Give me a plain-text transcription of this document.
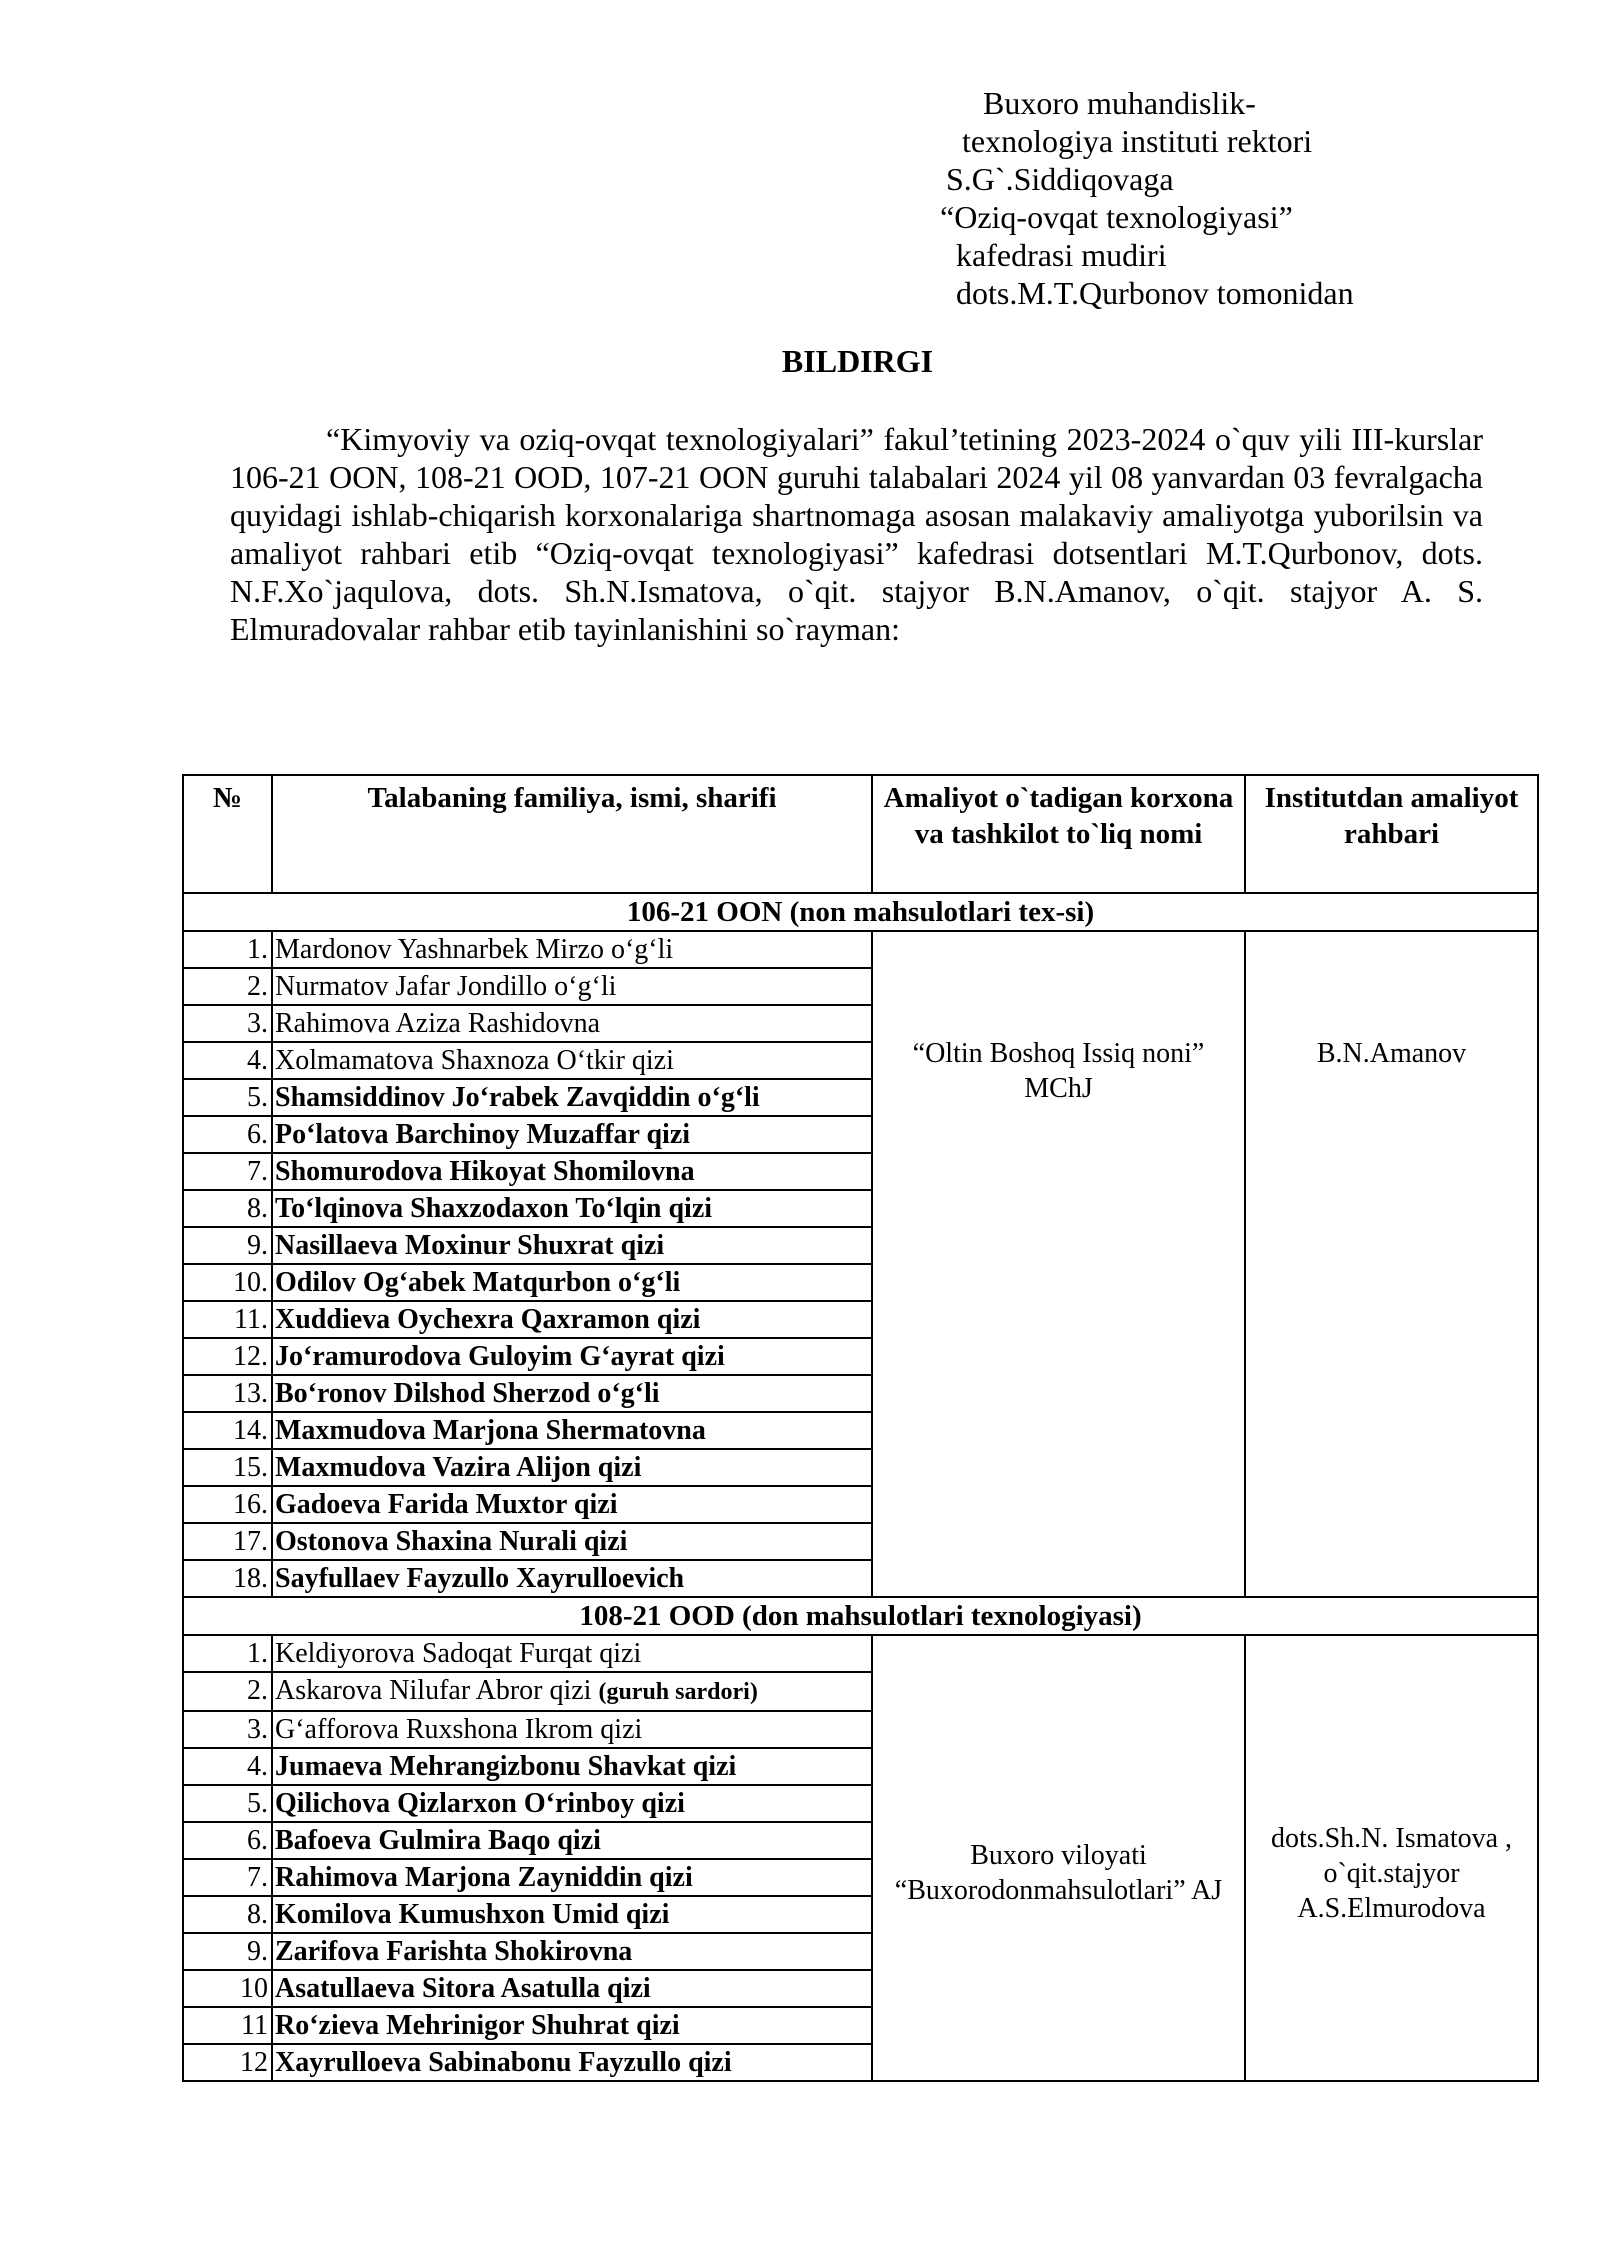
Buxoro muhandislik-
texnologiya instituti rektori
S.G`.Siddiqovaga
“Oziq-ovqat texnologiyasi”
kafedrasi mudiri
dots.M.T.Qurbonov tomonidan
BILDIRGI

“Kimyoviy va oziq-ovqat texnologiyalari” fakul’tetining 2023-2024 o`quv yili III-kurslar 106-21 OON, 108-21 OOD, 107-21 OON guruhi talabalari 2024 yil 08 yanvardan 03 fevralgacha quyidagi ishlab-chiqarish korxonalariga shartnomaga asosan malakaviy amaliyotga yuborilsin va amaliyot rahbari etib “Oziq-ovqat texnologiyasi” kafedrasi dotsentlari M.T.Qurbonov, dots. N.F.Xo`jaqulova, dots. Sh.N.Ismatova, o`qit. stajyor B.N.Amanov, o`qit. stajyor A. S. Elmuradovalar rahbar etib tayinlanishini so`rayman:

№	Talabaning familiya, ismi, sharifi	Amaliyot o`tadigan korxona va tashkilot to`liq nomi	Institutdan amaliyot rahbari
106-21 OON (non mahsulotlari tex-si)			
1.	Mardonov Yashnarbek Mirzo o‘g‘li	“Oltin Boshoq Issiq noni” MChJ	B.N.Amanov
2.	Nurmatov Jafar Jondillo o‘g‘li		
3.	Rahimova Aziza Rashidovna		
4.	Xolmamatova Shaxnoza O‘tkir qizi		
5.	Shamsiddinov Jo‘rabek Zavqiddin o‘g‘li		
6.	Po‘latova Barchinoy Muzaffar qizi		
7.	Shomurodova Hikoyat Shomilovna		
8.	To‘lqinova Shaxzodaxon To‘lqin qizi		
9.	Nasillaeva Moxinur Shuxrat qizi		
10.	Odilov Og‘abek Matqurbon o‘g‘li		
11.	Xuddieva Oychexra Qaxramon qizi		
12.	Jo‘ramurodova Guloyim G‘ayrat qizi		
13.	Bo‘ronov Dilshod Sherzod o‘g‘li		
14.	Maxmudova Marjona Shermatovna		
15.	Maxmudova Vazira Alijon qizi		
16.	Gadoeva Farida Muxtor qizi		
17.	Ostonova Shaxina Nurali qizi		
18.	Sayfullaev Fayzullo Xayrulloevich		
108-21 OOD (don mahsulotlari texnologiyasi)			
1.	Keldiyorova Sadoqat Furqat qizi	Buxoro viloyati “Buxorodonmahsulotlari” AJ	dots.Sh.N. Ismatova , o`qit.stajyor A.S.Elmurodova
2.	Askarova Nilufar Abror qizi (guruh sardori)		
3.	G‘afforova Ruxshona Ikrom qizi		
4.	Jumaeva Mehrangizbonu Shavkat qizi		
5.	Qilichova Qizlarxon O‘rinboy qizi		
6.	Bafoeva Gulmira Baqo qizi		
7.	Rahimova Marjona Zayniddin qizi		
8.	Komilova Kumushxon Umid qizi		
9.	Zarifova Farishta Shokirovna		
10	Asatullaeva Sitora Asatulla qizi		
11	Ro‘zieva Mehrinigor Shuhrat qizi		
12	Xayrulloeva Sabinabonu Fayzullo qizi		
